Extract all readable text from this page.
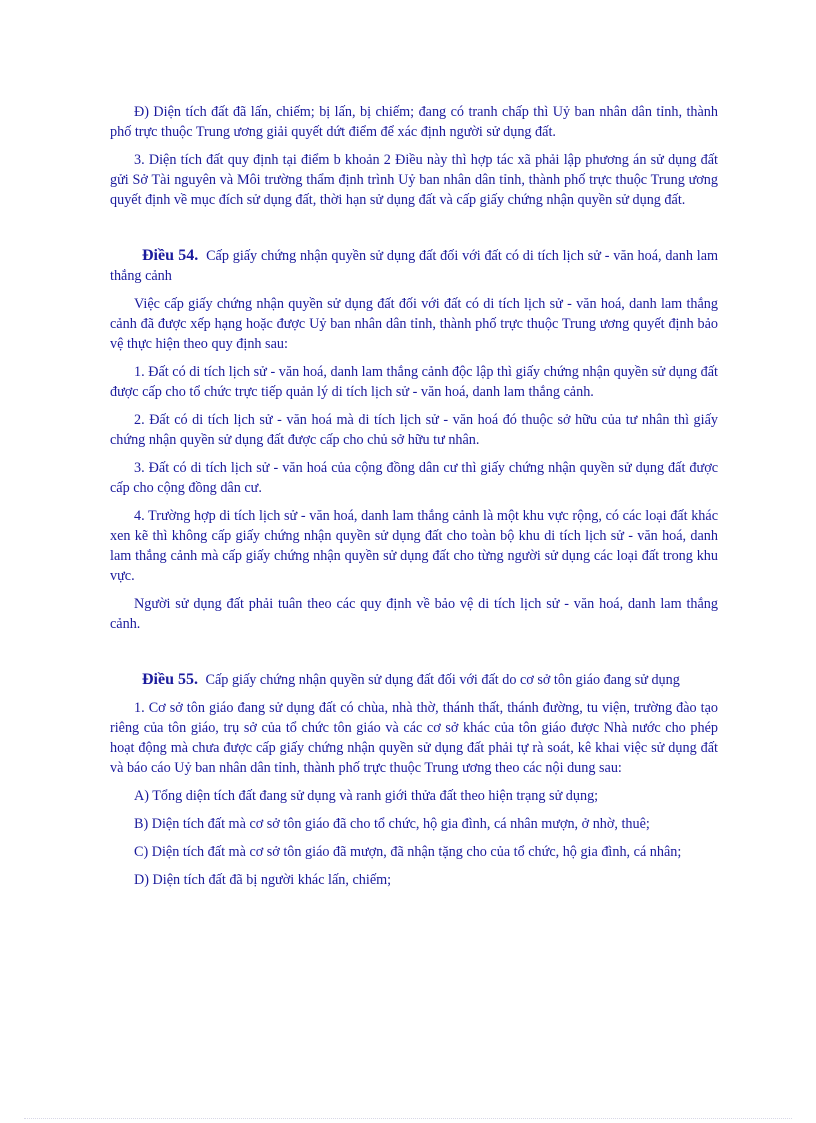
Đ) Diện tích đất đã lấn, chiếm; bị lấn, bị chiếm; đang có tranh chấp thì Uỷ ban nhân dân tỉnh, thành phố trực thuộc Trung ương giải quyết dứt điểm để xác định người sử dụng đất.

3. Diện tích đất quy định tại điểm b khoản 2 Điều này thì hợp tác xã phải lập phương án sử dụng đất gửi Sở Tài nguyên và Môi trường thẩm định trình Uỷ ban nhân dân tỉnh, thành phố trực thuộc Trung ương quyết định về mục đích sử dụng đất, thời hạn sử dụng đất và cấp giấy chứng nhận quyền sử dụng đất.

Điều 54. Cấp giấy chứng nhận quyền sử dụng đất đối với đất có di tích lịch sử - văn hoá, danh lam thắng cảnh

Việc cấp giấy chứng nhận quyền sử dụng đất đối với đất có di tích lịch sử - văn hoá, danh lam thắng cảnh đã được xếp hạng hoặc được Uỷ ban nhân dân tỉnh, thành phố trực thuộc Trung ương quyết định bảo vệ thực hiện theo quy định sau:

1. Đất có di tích lịch sử - văn hoá, danh lam thắng cảnh độc lập thì giấy chứng nhận quyền sử dụng đất được cấp cho tổ chức trực tiếp quản lý di tích lịch sử - văn hoá, danh lam thắng cảnh.

2. Đất có di tích lịch sử - văn hoá mà di tích lịch sử - văn hoá đó thuộc sở hữu của tư nhân thì giấy chứng nhận quyền sử dụng đất được cấp cho chủ sở hữu tư nhân.

3. Đất có di tích lịch sử - văn hoá của cộng đồng dân cư thì giấy chứng nhận quyền sử dụng đất được cấp cho cộng đồng dân cư.

4. Trường hợp di tích lịch sử - văn hoá, danh lam thắng cảnh là một khu vực rộng, có các loại đất khác xen kẽ thì không cấp giấy chứng nhận quyền sử dụng đất cho toàn bộ khu di tích lịch sử - văn hoá, danh lam thắng cảnh mà cấp giấy chứng nhận quyền sử dụng đất cho từng người sử dụng các loại đất trong khu vực.

Người sử dụng đất phải tuân theo các quy định về bảo vệ di tích lịch sử - văn hoá, danh lam thắng cảnh.

Điều 55. Cấp giấy chứng nhận quyền sử dụng đất đối với đất do cơ sở tôn giáo đang sử dụng

1. Cơ sở tôn giáo đang sử dụng đất có chùa, nhà thờ, thánh thất, thánh đường, tu viện, trường đào tạo riêng của tôn giáo, trụ sở của tổ chức tôn giáo và các cơ sở khác của tôn giáo được Nhà nước cho phép hoạt động mà chưa được cấp giấy chứng nhận quyền sử dụng đất phải tự rà soát, kê khai việc sử dụng đất và báo cáo Uỷ ban nhân dân tỉnh, thành phố trực thuộc Trung ương theo các nội dung sau:

A) Tổng diện tích đất đang sử dụng và ranh giới thửa đất theo hiện trạng sử dụng;

B) Diện tích đất mà cơ sở tôn giáo đã cho tổ chức, hộ gia đình, cá nhân mượn, ở nhờ, thuê;

C) Diện tích đất mà cơ sở tôn giáo đã mượn, đã nhận tặng cho của tổ chức, hộ gia đình, cá nhân;

D) Diện tích đất đã bị người khác lấn, chiếm;
